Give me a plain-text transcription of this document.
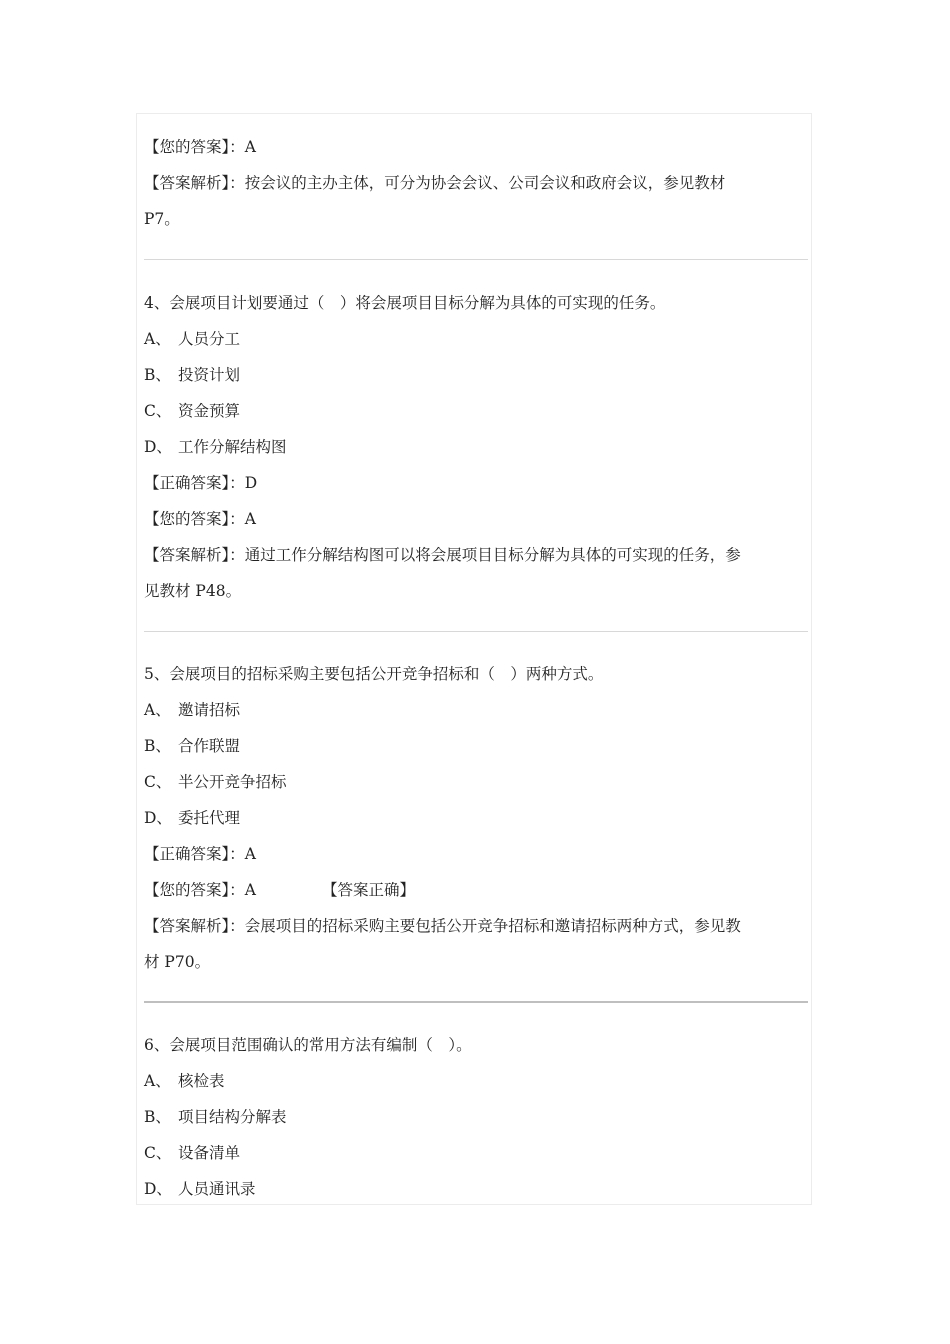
【您的答案】：A
【答案解析】：按会议的主办主体，可分为协会会议、公司会议和政府会议，参见教材
P7。
4、会展项目计划要通过（　）将会展项目目标分解为具体的可实现的任务。
A、 人员分工
B、 投资计划
C、 资金预算
D、 工作分解结构图
【正确答案】：D
【您的答案】：A
【答案解析】：通过工作分解结构图可以将会展项目目标分解为具体的可实现的任务，参
见教材 P48。
5、会展项目的招标采购主要包括公开竞争招标和（　）两种方式。
A、 邀请招标
B、 合作联盟
C、 半公开竞争招标
D、 委托代理
【正确答案】：A
【您的答案】：A	【答案正确】
【答案解析】：会展项目的招标采购主要包括公开竞争招标和邀请招标两种方式，参见教
材 P70。
6、会展项目范围确认的常用方法有编制（　）。
A、 核检表
B、 项目结构分解表
C、 设备清单
D、 人员通讯录
